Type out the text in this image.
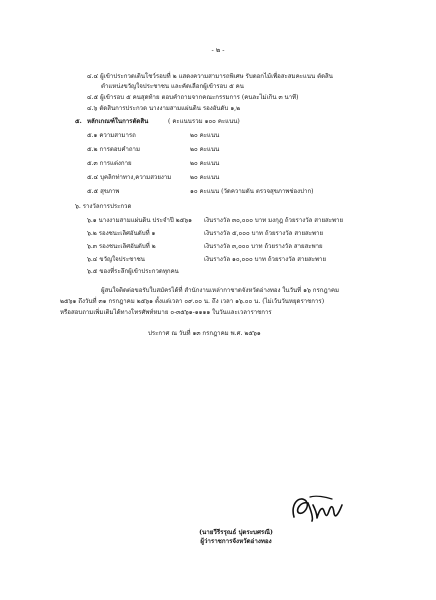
- ๒ -
๔.๔ ผู้เข้าประกวดเดินโชว์รอบที่ ๒ แสดงความสามารถพิเศษ รับดอกไม้เพื่อสะสมคะแนน ตัดสิน
ตำแหน่งขวัญใจประชาชน และคัดเลือกผู้เข้ารอบ ๕ คน
๔.๕ ผู้เข้ารอบ ๕ คนสุดท้าย ตอบคำถามจากคณะกรรมการ (คนละไม่เกิน ๓ นาที)
๔.๖ ตัดสินการประกวด นางงามสามแผ่นดิน รองอันดับ ๑,๒
๕. หลักเกณฑ์ในการตัดสิน	( คะแนนรวม ๑๐๐ คะแนน)
๕.๑ ความสามารถ	๒๐ คะแนน
๕.๒ การตอบคำถาม	๒๐ คะแนน
๕.๓ การแต่งกาย	๒๐ คะแนน
๕.๔ บุคลิกท่าทาง,ความสวยงาม	๒๐ คะแนน
๕.๕ สุขภาพ	๑๐ คะแนน (วัดความดัน ตรวจสุขภาพช่องปาก)
๖. รางวัลการประกวด
๖.๑ นางงามสามแผ่นดิน ประจำปี ๒๕๖๑ เงินรางวัล ๓๐,๐๐๐ บาท มงกุฎ ถ้วยรางวัล สายสะพาย
๖.๒ รองชนะเลิศอันดับที่ ๑	เงินรางวัล ๕,๐๐๐ บาท ถ้วยรางวัล สายสะพาย
๖.๓ รองชนะเลิศอันดับที่ ๒	เงินรางวัล ๓,๐๐๐ บาท ถ้วยรางวัล สายสะพาย
๖.๔ ขวัญใจประชาชน	เงินรางวัล ๑๐,๐๐๐ บาท ถ้วยรางวัล สายสะพาย
๖.๕ ของที่ระลึกผู้เข้าประกวดทุกคน
ผู้สนใจติดต่อขอรับใบสมัครได้ที่ สำนักงานเหล่ากาชาดจังหวัดอ่างทอง ในวันที่ ๑๖ กรกฎาคม
๒๕๖๑ ถึงวันที่ ๓๑ กรกฎาคม ๒๕๖๑ ตั้งแต่เวลา ๐๙.๐๐ น. ถึง เวลา ๑๖.๐๐ น. (ไม่เว้นวันหยุดราชการ)
หรือสอบถามเพิ่มเติมได้ทางโทรศัพท์หมาย ๐-๓๕๖๑-๑๑๑๑ ในวันและเวลาราชการ
ประกาศ ณ วันที่ ๑๓ กรกฎาคม พ.ศ. ๒๕๖๑
(นายวีรีรรุณธ์ ปุตระบศรณี)
ผู้ว่าราชการจังหวัดอ่างทอง
